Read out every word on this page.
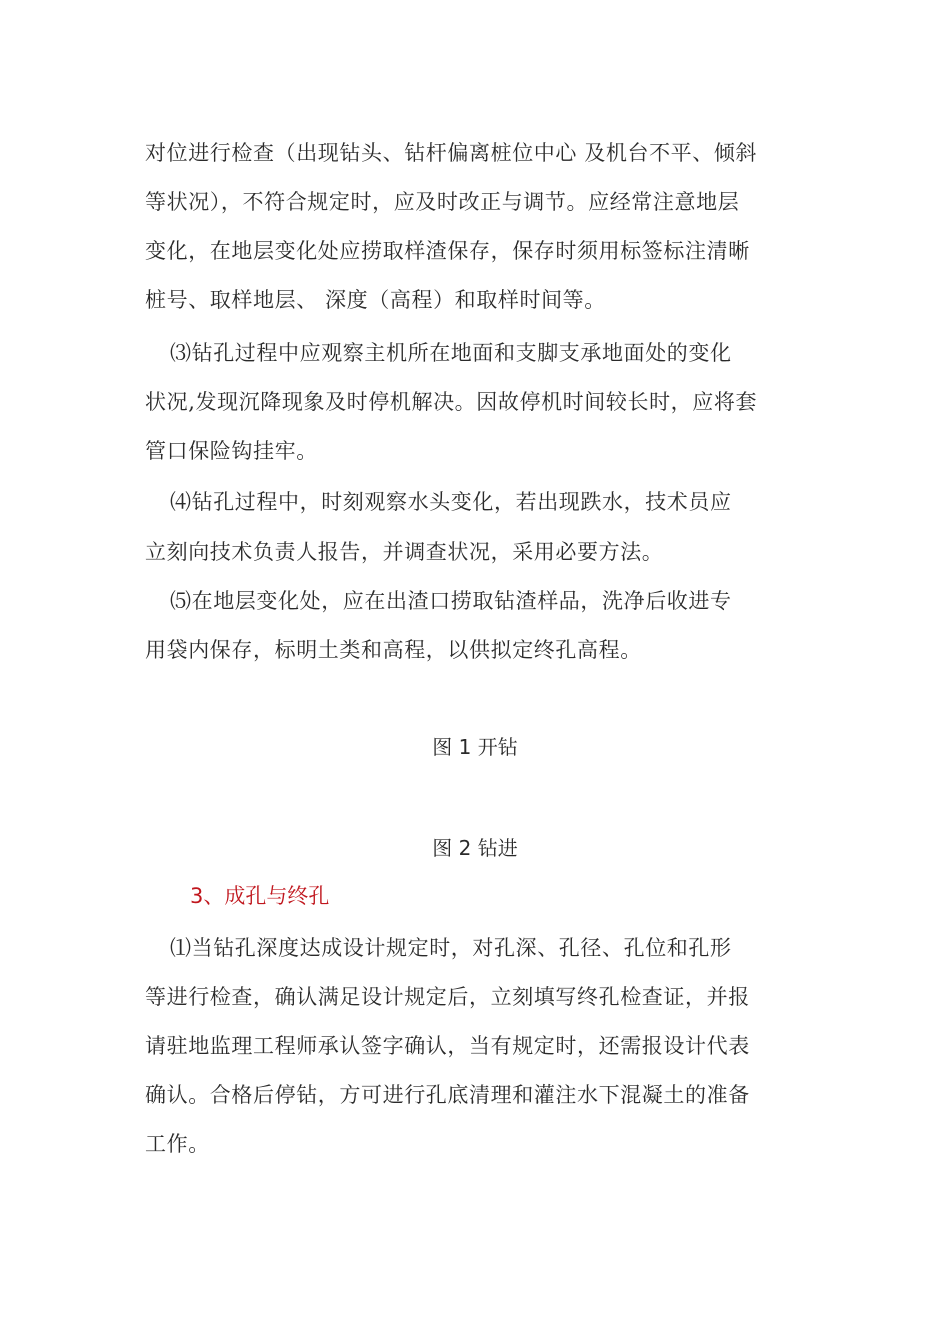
对位进行检查（出现钻头、钻杆偏离桩位中心 及机台不平、倾斜
等状况），不符合规定时，应及时改正与调节。应经常注意地层
变化，在地层变化处应捞取样渣保存，保存时须用标签标注清晰
桩号、取样地层、 深度（高程）和取样时间等。
⑶钻孔过程中应观察主机所在地面和支脚支承地面处的变化
状况,发现沉降现象及时停机解决。因故停机时间较长时，应将套
管口保险钩挂牢。
⑷钻孔过程中，时刻观察水头变化，若出现跌水，技术员应
立刻向技术负责人报告，并调查状况，采用必要方法。
⑸在地层变化处，应在出渣口捞取钻渣样品，洗净后收进专
用袋内保存，标明土类和高程，以供拟定终孔高程。
图 1 开钻
图 2 钻进
3、成孔与终孔
⑴当钻孔深度达成设计规定时，对孔深、孔径、孔位和孔形
等进行检查，确认满足设计规定后，立刻填写终孔检查证，并报
请驻地监理工程师承认签字确认，当有规定时，还需报设计代表
确认。合格后停钻，方可进行孔底清理和灌注水下混凝土的准备
工作。
